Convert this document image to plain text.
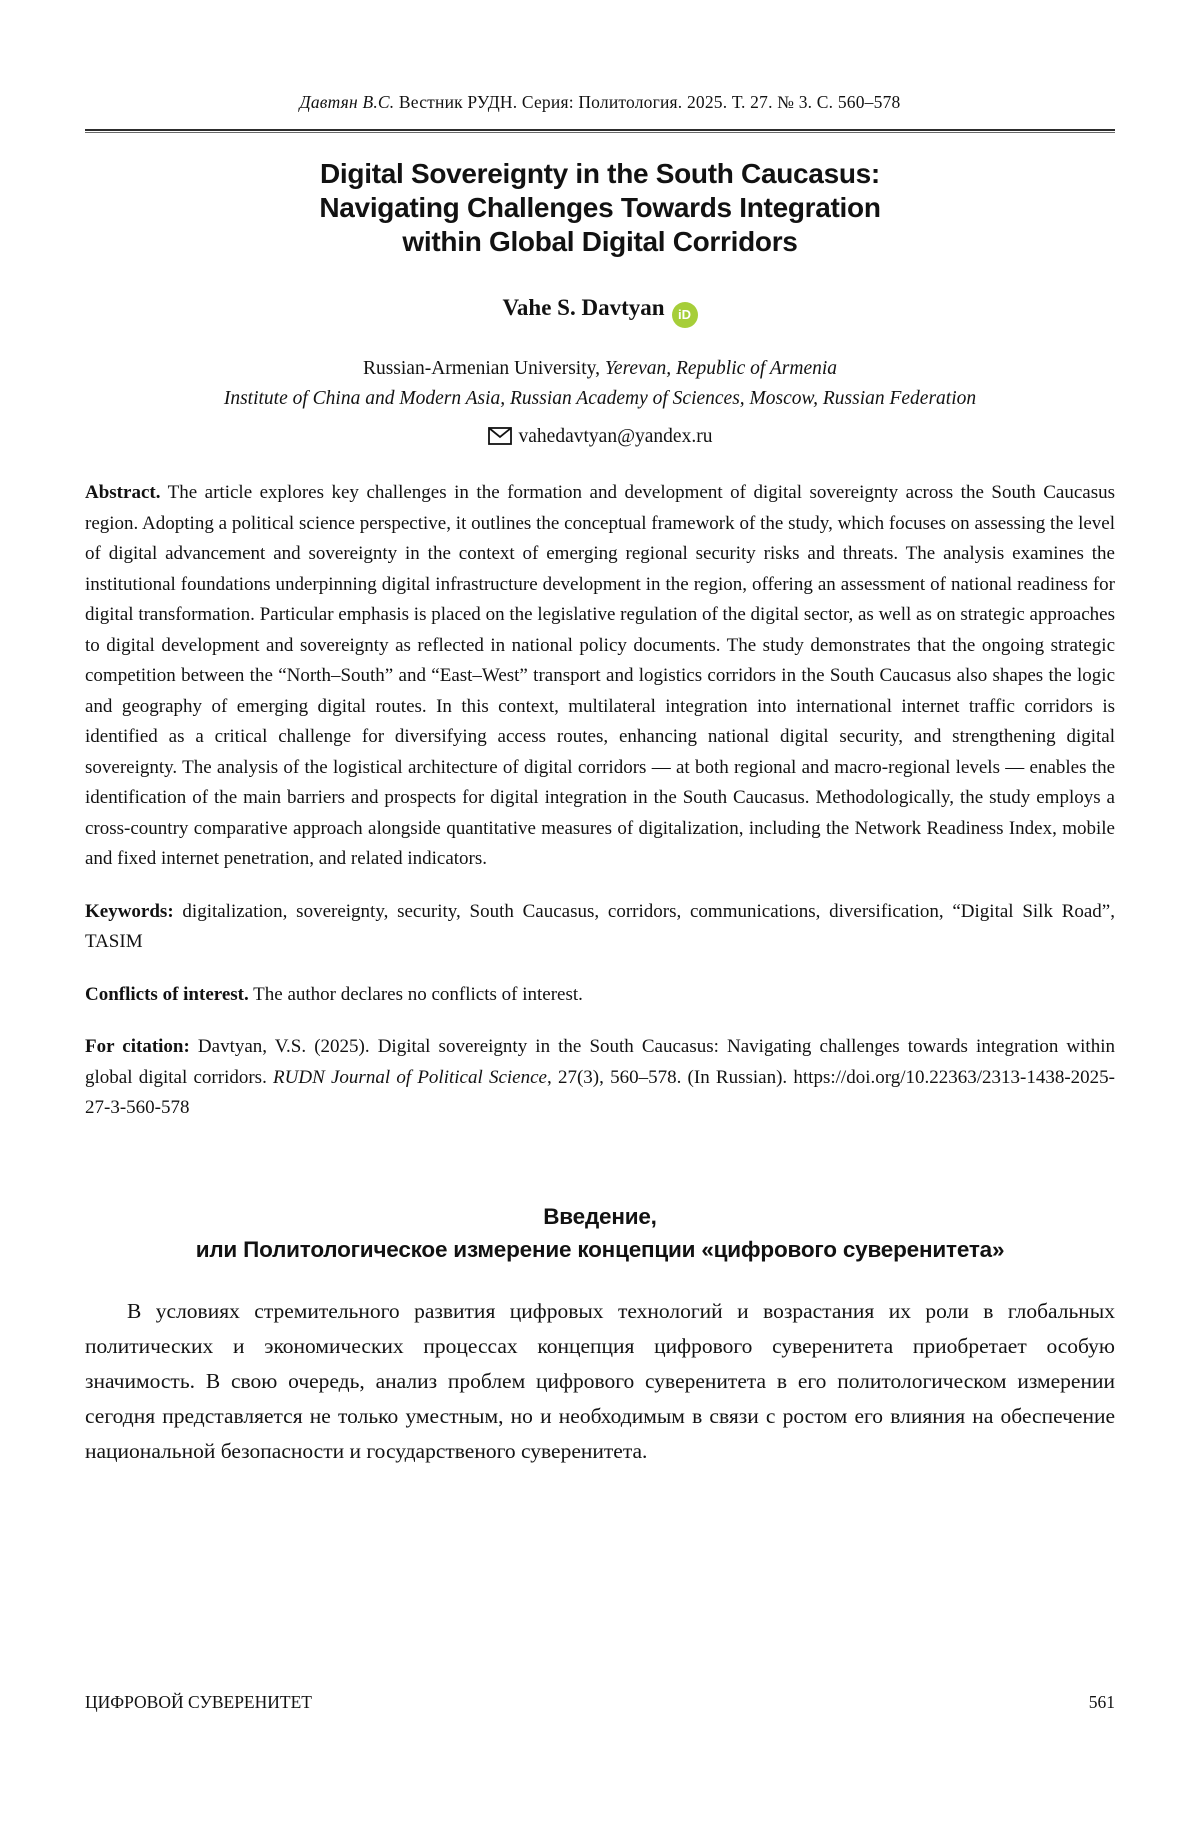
Давтян В.С. Вестник РУДН. Серия: Политология. 2025. Т. 27. № 3. С. 560–578
Digital Sovereignty in the South Caucasus:
Navigating Challenges Towards Integration
within Global Digital Corridors
Vahe S. Davtyan iD
Russian-Armenian University, Yerevan, Republic of Armenia
Institute of China and Modern Asia, Russian Academy of Sciences, Moscow, Russian Federation
vahedavtyan@yandex.ru

Abstract. The article explores key challenges in the formation and development of digital sovereignty across the South Caucasus region. Adopting a political science perspective, it outlines the conceptual framework of the study, which focuses on assessing the level of digital advancement and sovereignty in the context of emerging regional security risks and threats. The analysis examines the institutional foundations underpinning digital infrastructure development in the region, offering an assessment of national readiness for digital transformation. Particular emphasis is placed on the legislative regulation of the digital sector, as well as on strategic approaches to digital development and sovereignty as reflected in national policy documents. The study demonstrates that the ongoing strategic competition between the “North–South” and “East–West” transport and logistics corridors in the South Caucasus also shapes the logic and geography of emerging digital routes. In this context, multilateral integration into international internet traffic corridors is identified as a critical challenge for diversifying access routes, enhancing national digital security, and strengthening digital sovereignty. The analysis of the logistical architecture of digital corridors — at both regional and macro-regional levels — enables the identification of the main barriers and prospects for digital integration in the South Caucasus. Methodologically, the study employs a cross-country comparative approach alongside quantitative measures of digitalization, including the Network Readiness Index, mobile and fixed internet penetration, and related indicators.

Keywords: digitalization, sovereignty, security, South Caucasus, corridors, communications, diversification, “Digital Silk Road”, TASIM

Conflicts of interest. The author declares no conflicts of interest.

For citation: Davtyan, V.S. (2025). Digital sovereignty in the South Caucasus: Navigating challenges towards integration within global digital corridors. RUDN Journal of Political Science, 27(3), 560–578. (In Russian). https://doi.org/10.22363/2313-1438-2025-27-3-560-578

Введение,
или Политологическое измерение концепции «цифрового суверенитета»

В условиях стремительного развития цифровых технологий и возрастания их роли в глобальных политических и экономических процессах концепция цифрового суверенитета приобретает особую значимость. В свою очередь, анализ проблем цифрового суверенитета в его политологическом измерении сегодня представляется не только уместным, но и необходимым в связи с ростом его влияния на обеспечение национальной безопасности и государственого суверенитета.

ЦИФРОВОЙ СУВЕРЕНИТЕТ	561
